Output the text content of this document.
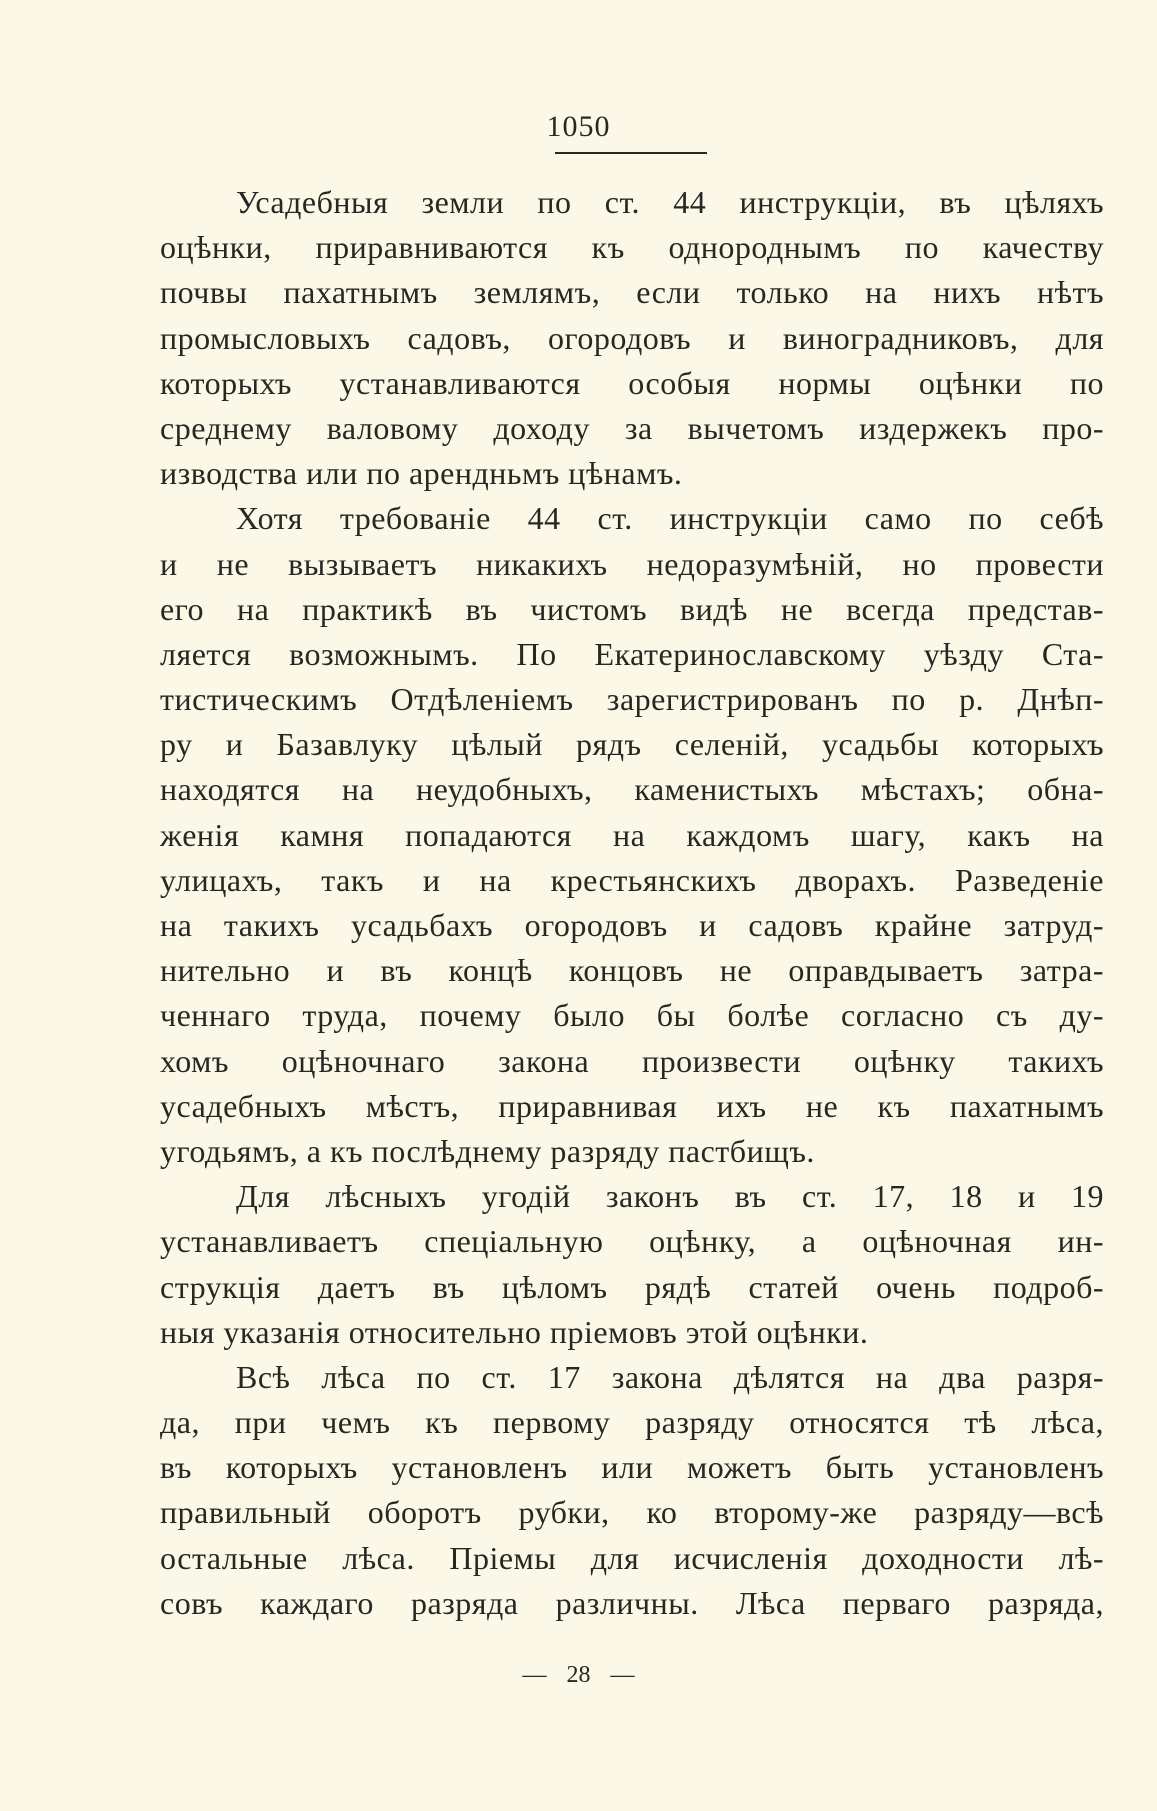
1050
Усадебныя земли по ст. 44 инструкціи, въ цѣляхъ
оцѣнки, приравниваются къ однороднымъ по качеству
почвы пахатнымъ землямъ, если только на нихъ нѣтъ
промысловыхъ садовъ, огородовъ и виноградниковъ, для
которыхъ устанавливаются особыя нормы оцѣнки по
среднему валовому доходу за вычетомъ издержекъ про-
изводства или по арендньмъ цѣнамъ.
Хотя требованіе 44 ст. инструкціи само по себѣ
и не вызываетъ никакихъ недоразумѣній, но провести
его на практикѣ въ чистомъ видѣ не всегда представ-
ляется возможнымъ. По Екатеринославскому уѣзду Ста-
тистическимъ Отдѣленіемъ зарегистрированъ по р. Днѣп-
ру и Базавлуку цѣлый рядъ селеній, усадьбы которыхъ
находятся на неудобныхъ, каменистыхъ мѣстахъ; обна-
женія камня попадаются на каждомъ шагу, какъ на
улицахъ, такъ и на крестьянскихъ дворахъ. Разведеніе
на такихъ усадьбахъ огородовъ и садовъ крайне затруд-
нительно и въ концѣ концовъ не оправдываетъ затра-
ченнаго труда, почему было бы болѣе согласно съ ду-
хомъ оцѣночнаго закона произвести оцѣнку такихъ
усадебныхъ мѣстъ, приравнивая ихъ не къ пахатнымъ
угодьямъ, а къ послѣднему разряду пастбищъ.
Для лѣсныхъ угодій законъ въ ст. 17, 18 и 19
устанавливаетъ спеціальную оцѣнку, а оцѣночная ин-
струкція даетъ въ цѣломъ рядѣ статей очень подроб-
ныя указанія относительно пріемовъ этой оцѣнки.
Всѣ лѣса по ст. 17 закона дѣлятся на два разря-
да, при чемъ къ первому разряду относятся тѣ лѣса,
въ которыхъ установленъ или можетъ быть установленъ
правильный оборотъ рубки, ко второму-же разряду—всѣ
остальные лѣса. Пріемы для исчисленія доходности лѣ-
совъ каждаго разряда различны. Лѣса перваго разряда,
— 28 —
